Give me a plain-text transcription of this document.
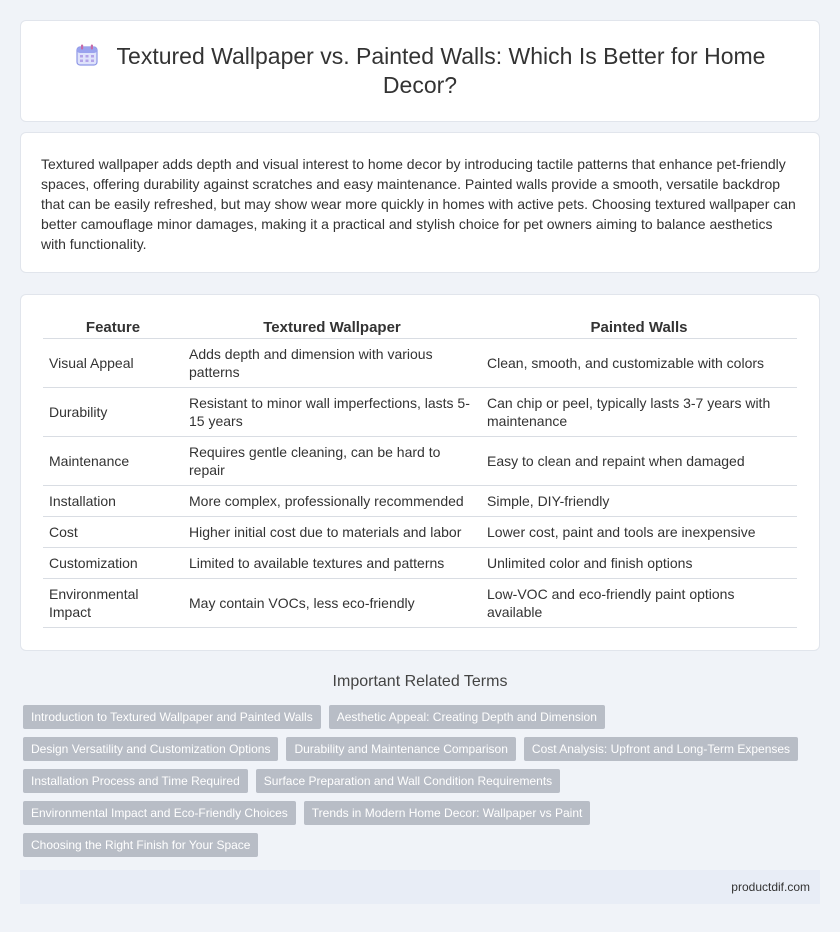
Textured Wallpaper vs. Painted Walls: Which Is Better for Home Decor?

Textured wallpaper adds depth and visual interest to home decor by introducing tactile patterns that enhance pet-friendly spaces, offering durability against scratches and easy maintenance. Painted walls provide a smooth, versatile backdrop that can be easily refreshed, but may show wear more quickly in homes with active pets. Choosing textured wallpaper can better camouflage minor damages, making it a practical and stylish choice for pet owners aiming to balance aesthetics with functionality.

Feature	Textured Wallpaper	Painted Walls
Visual Appeal	Adds depth and dimension with various patterns	Clean, smooth, and customizable with colors
Durability	Resistant to minor wall imperfections, lasts 5-15 years	Can chip or peel, typically lasts 3-7 years with maintenance
Maintenance	Requires gentle cleaning, can be hard to repair	Easy to clean and repaint when damaged
Installation	More complex, professionally recommended	Simple, DIY-friendly
Cost	Higher initial cost due to materials and labor	Lower cost, paint and tools are inexpensive
Customization	Limited to available textures and patterns	Unlimited color and finish options
Environmental Impact	May contain VOCs, less eco-friendly	Low-VOC and eco-friendly paint options available
Important Related Terms
Introduction to Textured Wallpaper and Painted Walls	Aesthetic Appeal: Creating Depth and Dimension
Design Versatility and Customization Options	Durability and Maintenance Comparison	Cost Analysis: Upfront and Long-Term Expenses
Installation Process and Time Required	Surface Preparation and Wall Condition Requirements
Environmental Impact and Eco-Friendly Choices	Trends in Modern Home Decor: Wallpaper vs Paint
Choosing the Right Finish for Your Space
productdif.com
